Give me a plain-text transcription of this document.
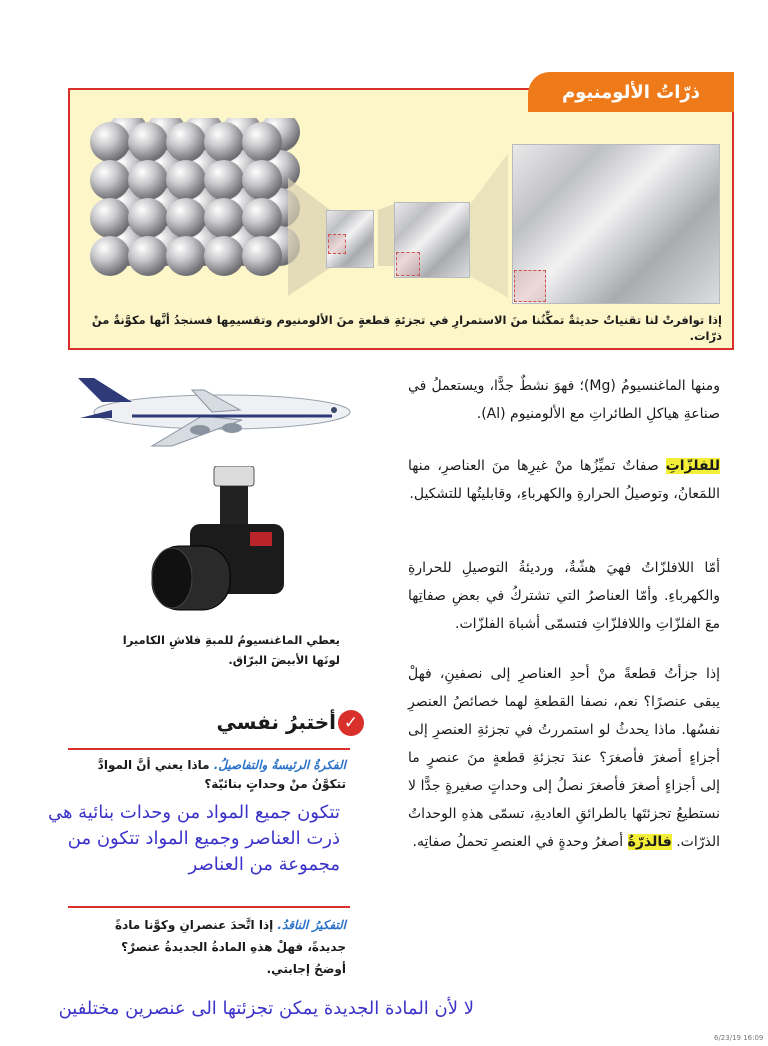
ذرّاتُ الألومنيوم
إذا توافرتْ لنا تقنياتٌ حديثةٌ تمكِّنُنا منَ الاستمرارِ في تجزئةِ قطعةٍ منَ الألومنيوم وتقسيمِها فسنجدُ أنَّها مكوَّنةٌ منْ ذرّات.
ومنها الماغنسيومُ (Mg)؛ فهوَ نشطٌ جدًّا، ويستعملُ في صناعةِ هياكلِ الطائراتِ مع الألومنيوم (Al).
للفلزّاتِ صفاتٌ تميِّزُها منْ غيرِها منَ العناصرِ، منها اللمَعانُ، وتوصيلُ الحرارةِ والكهرباءِ، وقابليتُها للتشكيل.
أمّا اللافلزّاتُ فهيَ هشّةٌ، ورديئةُ التوصيلِ للحرارةِ والكهرباءِ. وأمّا العناصرُ التي تشتركُ في بعضِ صفاتِها معَ الفلزّاتِ واللافلزّاتِ فتسمّى أشباهَ الفلزّات.
إذا جزأتُ قطعةً منْ أحدِ العناصرِ إلى نصفينِ، فهلْ يبقى عنصرًا؟ نعم، نصفا القطعةِ لهما خصائصُ العنصرِ نفسُها. ماذا يحدثُ لو استمررتُ في تجزئةِ العنصرِ إلى أجزاءٍ أصغرَ فأصغرَ؟ عندَ تجزئةِ قطعةٍ منَ عنصرٍ ما إلى أجزاءٍ أصغرَ فأصغرَ نصلُ إلى وحداتٍ صغيرةٍ جدًّا لا نستطيعُ تجزئتَها بالطرائقِ العاديةِ، تسمّى هذهِ الوحداتُ الذرّات. فالذرّةُ أصغرُ وحدةٍ في العنصرِ تحملُ صفاتِه.
يعطي الماغنسيومُ للمبةِ فلاشِ الكاميرا لونَها الأبيضَ البرّاق.
أختبرُ نفسي ✓
الفكرةُ الرئيسةُ والتفاصيلُ. ماذا يعني أنَّ الموادَّ تتكوَّنُ منْ وحداتٍ بنائيّة؟
تتكون جميع المواد من وحدات بنائية هي ذرت العناصر وجميع المواد تتكون من مجموعة من العناصر
التفكيرُ الناقدُ. إذا اتَّحدَ عنصرانِ وكوَّنا مادةً جديدةً، فهلْ هذهِ المادةُ الجديدةُ عنصرٌ؟ أوضحُ إجابتي.
لا لأن المادة الجديدة يمكن تجزئتها الى عنصرين مختلفين
6/23/19 16:09
